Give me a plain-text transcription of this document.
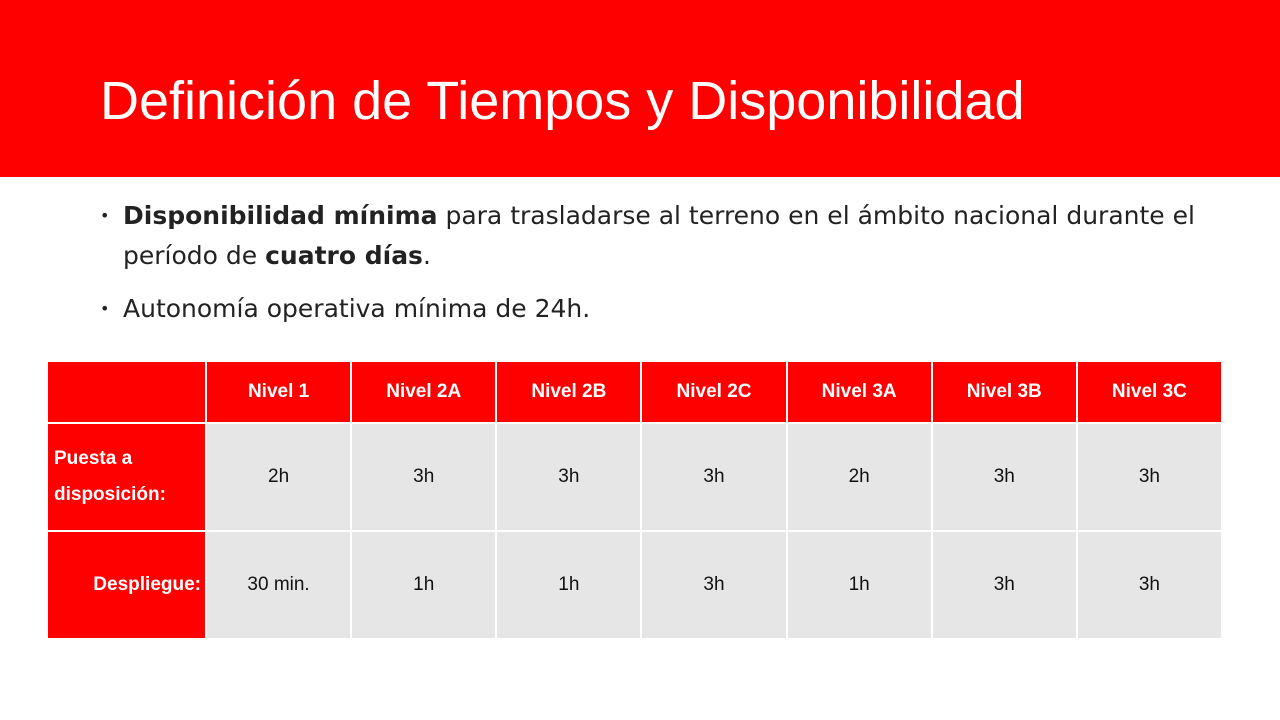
Definición de Tiempos y Disponibilidad
• Disponibilidad mínima para trasladarse al terreno en el ámbito nacional durante el período de cuatro días.
• Autonomía operativa mínima de 24h.
	Nivel 1	Nivel 2A	Nivel 2B	Nivel 2C	Nivel 3A	Nivel 3B	Nivel 3C
Puesta a disposición:	2h	3h	3h	3h	2h	3h	3h
Despliegue:	30 min.	1h	1h	3h	1h	3h	3h
